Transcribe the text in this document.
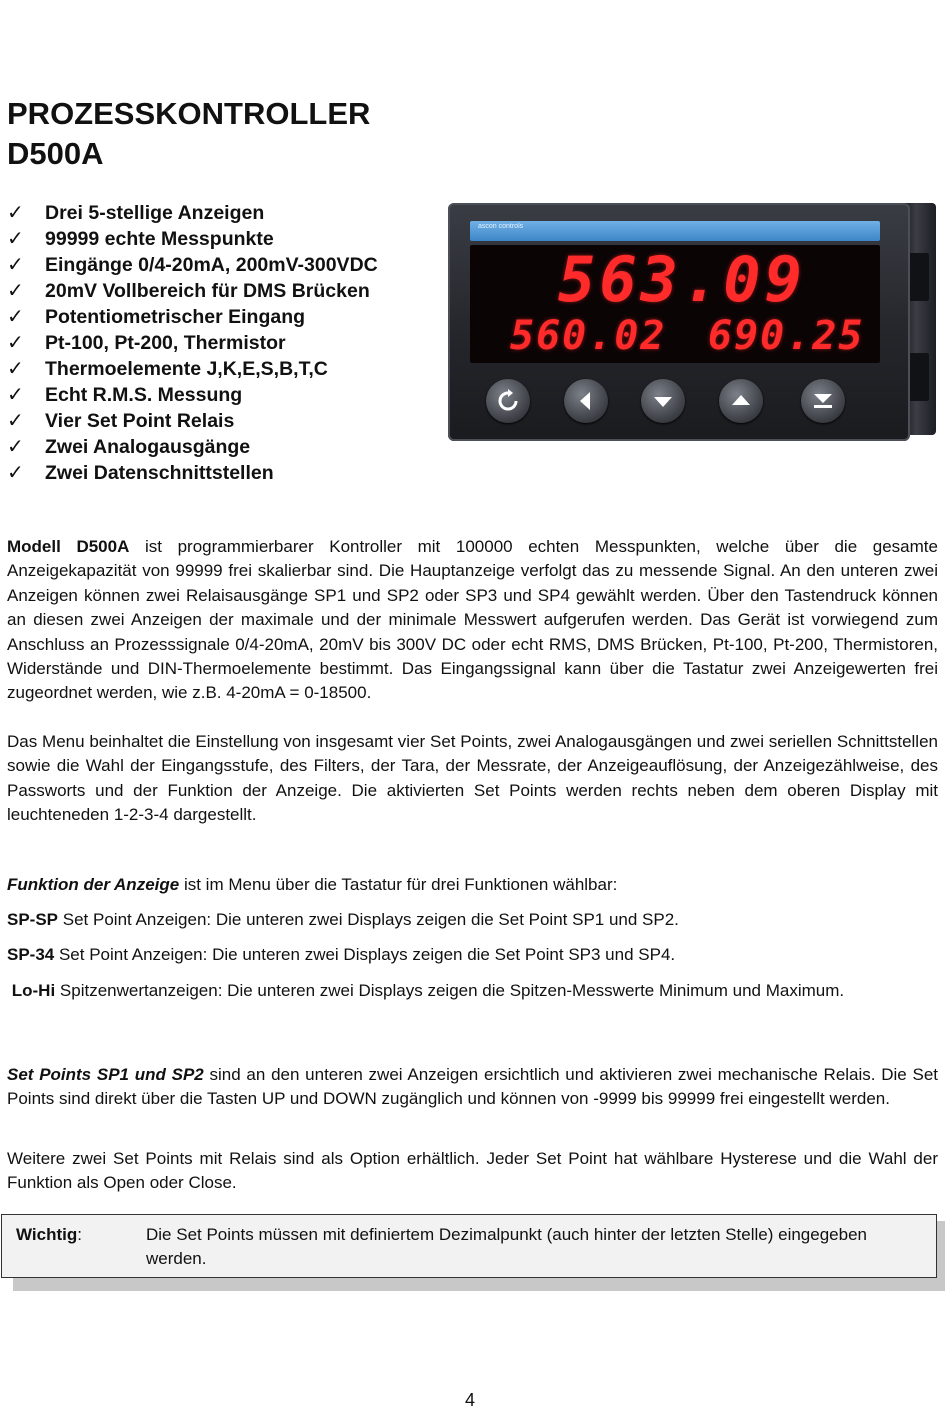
PROZESSKONTROLLER
D500A
✓ Drei 5-stellige Anzeigen
✓ 99999 echte Messpunkte
✓ Eingänge 0/4-20mA, 200mV-300VDC
✓ 20mV Vollbereich für DMS Brücken
✓ Potentiometrischer Eingang
✓ Pt-100, Pt-200, Thermistor
✓ Thermoelemente J,K,E,S,B,T,C
✓ Echt R.M.S. Messung
✓ Vier Set Point Relais
✓ Zwei Analogausgänge
✓ Zwei Datenschnittstellen
ascon controls
563.09
560.02 690.25

Modell D500A ist programmierbarer Kontroller mit 100000 echten Messpunkten, welche über die gesamte Anzeigekapazität von 99999 frei skalierbar sind. Die Hauptanzeige verfolgt das zu messende Signal. An den unteren zwei Anzeigen können zwei Relaisausgänge SP1 und SP2 oder SP3 und SP4 gewählt werden. Über den Tastendruck können an diesen zwei Anzeigen der maximale und der minimale Messwert aufgerufen werden. Das Gerät ist vorwiegend zum Anschluss an Prozesssignale 0/4-20mA, 20mV bis 300V DC oder echt RMS, DMS Brücken, Pt-100, Pt-200, Thermistoren, Widerstände und DIN-Thermoelemente bestimmt. Das Eingangssignal kann über die Tastatur zwei Anzeigewerten frei zugeordnet werden, wie z.B. 4-20mA = 0-18500.

Das Menu beinhaltet die Einstellung von insgesamt vier Set Points, zwei Analogausgängen und zwei seriellen Schnittstellen sowie die Wahl der Eingangsstufe, des Filters, der Tara, der Messrate, der Anzeigeauflösung, der Anzeigezählweise, des Passworts und der Funktion der Anzeige. Die aktivierten Set Points werden rechts neben dem oberen Display mit leuchteneden 1-2-3-4 dargestellt.

Funktion der Anzeige ist im Menu über die Tastatur für drei Funktionen wählbar:

SP-SP Set Point Anzeigen: Die unteren zwei Displays zeigen die Set Point SP1 und SP2.

SP-34 Set Point Anzeigen: Die unteren zwei Displays zeigen die Set Point SP3 und SP4.

Lo-Hi Spitzenwertanzeigen: Die unteren zwei Displays zeigen die Spitzen-Messwerte Minimum und Maximum.

Set Points SP1 und SP2 sind an den unteren zwei Anzeigen ersichtlich und aktivieren zwei mechanische Relais. Die Set Points sind direkt über die Tasten UP und DOWN zugänglich und können von -9999 bis 99999 frei eingestellt werden.

Weitere zwei Set Points mit Relais sind als Option erhältlich. Jeder Set Point hat wählbare Hysterese und die Wahl der Funktion als Open oder Close.

Wichtig:	Die Set Points müssen mit definiertem Dezimalpunkt (auch hinter der letzten Stelle) eingegeben werden.
4
